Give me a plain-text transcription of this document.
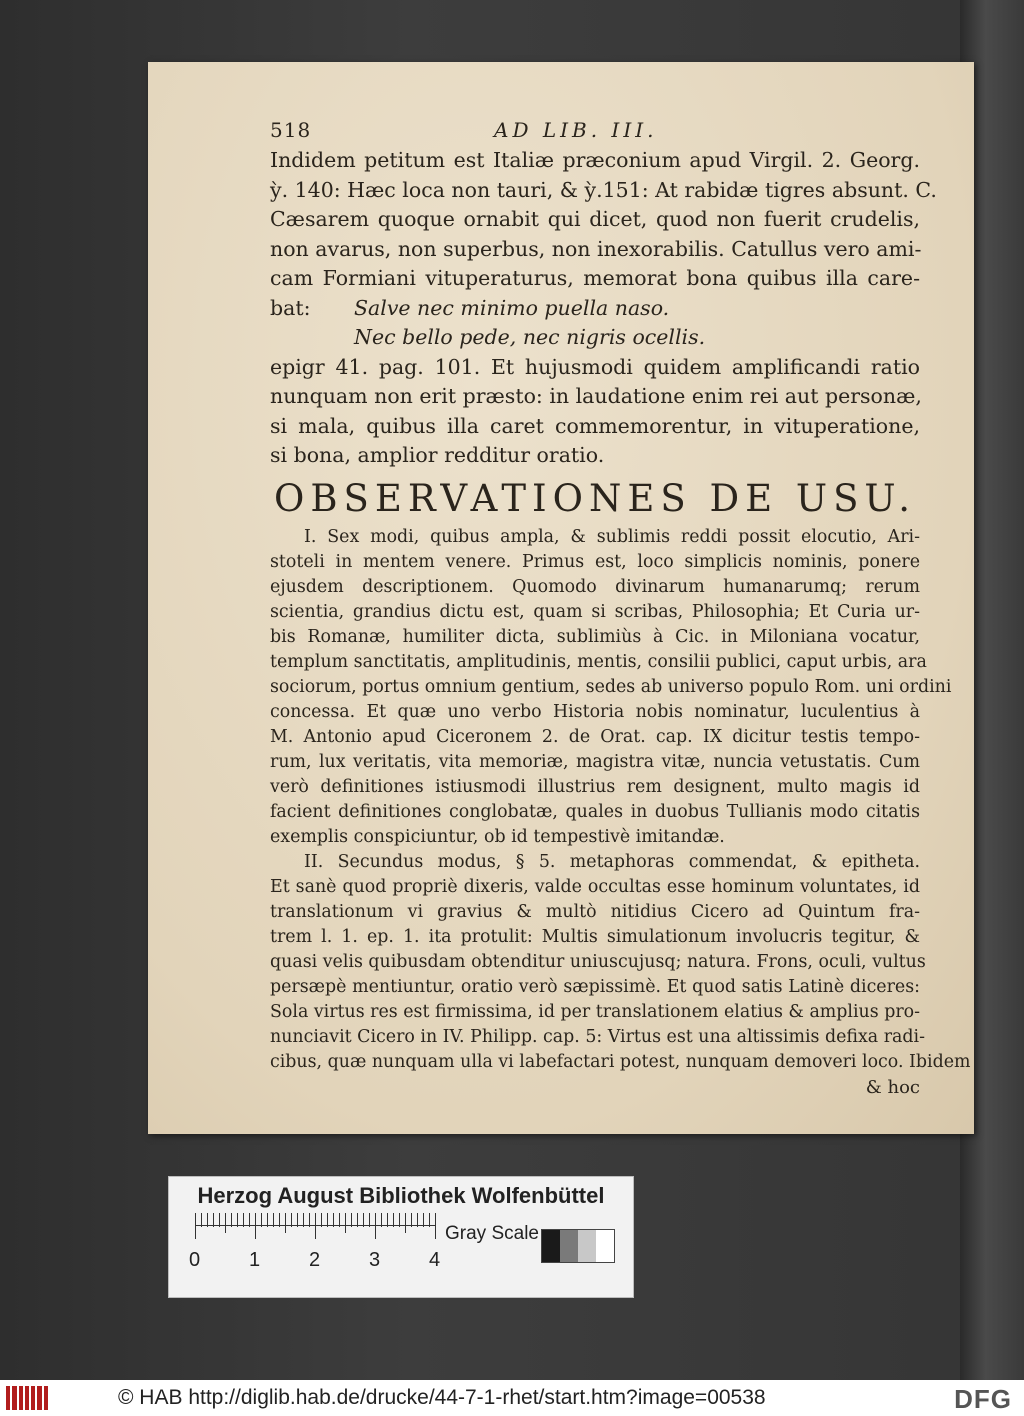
518	AD LIB. III.
Indidem petitum est Italiæ præconium apud Virgil. 2. Georg.
ỳ. 140: Hæc loca non tauri, & ỳ.151: At rabidæ tigres absunt. C.
Cæsarem quoque ornabit qui dicet, quod non fuerit crudelis,
non avarus, non superbus, non inexorabilis. Catullus vero ami-
cam Formiani vituperaturus, memorat bona quibus illa care-
bat: Salve nec minimo puella naso.
Nec bello pede, nec nigris ocellis.
epigr 41. pag. 101. Et hujusmodi quidem amplificandi ratio
nunquam non erit præsto: in laudatione enim rei aut personæ,
si mala, quibus illa caret commemorentur, in vituperatione,
si bona, amplior redditur oratio.
OBSERVATIONES DE USU.
I. Sex modi, quibus ampla, & sublimis reddi possit elocutio, Ari-
stoteli in mentem venere. Primus est, loco simplicis nominis, ponere
ejusdem descriptionem. Quomodo divinarum humanarumq; rerum
scientia, grandius dictu est, quam si scribas, Philosophia; Et Curia ur-
bis Romanæ, humiliter dicta, sublimiùs à Cic. in Miloniana vocatur,
templum sanctitatis, amplitudinis, mentis, consilii publici, caput urbis, ara
sociorum, portus omnium gentium, sedes ab universo populo Rom. uni ordini
concessa. Et quæ uno verbo Historia nobis nominatur, luculentius à
M. Antonio apud Ciceronem 2. de Orat. cap. IX dicitur testis tempo-
rum, lux veritatis, vita memoriæ, magistra vitæ, nuncia vetustatis. Cum
verò definitiones istiusmodi illustrius rem designent, multo magis id
facient definitiones conglobatæ, quales in duobus Tullianis modo citatis
exemplis conspiciuntur, ob id tempestivè imitandæ.
II. Secundus modus, § 5. metaphoras commendat, & epitheta.
Et sanè quod propriè dixeris, valde occultas esse hominum voluntates, id
translationum vi gravius & multò nitidius Cicero ad Quintum fra-
trem l. 1. ep. 1. ita protulit: Multis simulationum involucris tegitur, &
quasi velis quibusdam obtenditur uniuscujusq; natura. Frons, oculi, vultus
persæpè mentiuntur, oratio verò sæpissimè. Et quod satis Latinè diceres:
Sola virtus res est firmissima, id per translationem elatius & amplius pro-
nunciavit Cicero in IV. Philipp. cap. 5: Virtus est una altissimis defixa radi-
cibus, quæ nunquam ulla vi labefactari potest, nunquam demoveri loco. Ibidem
& hoc
Herzog August Bibliothek Wolfenbüttel
0 1 2 3 4
Gray Scale
© HAB http://diglib.hab.de/drucke/44-7-1-rhet/start.htm?image=00538	DFG
